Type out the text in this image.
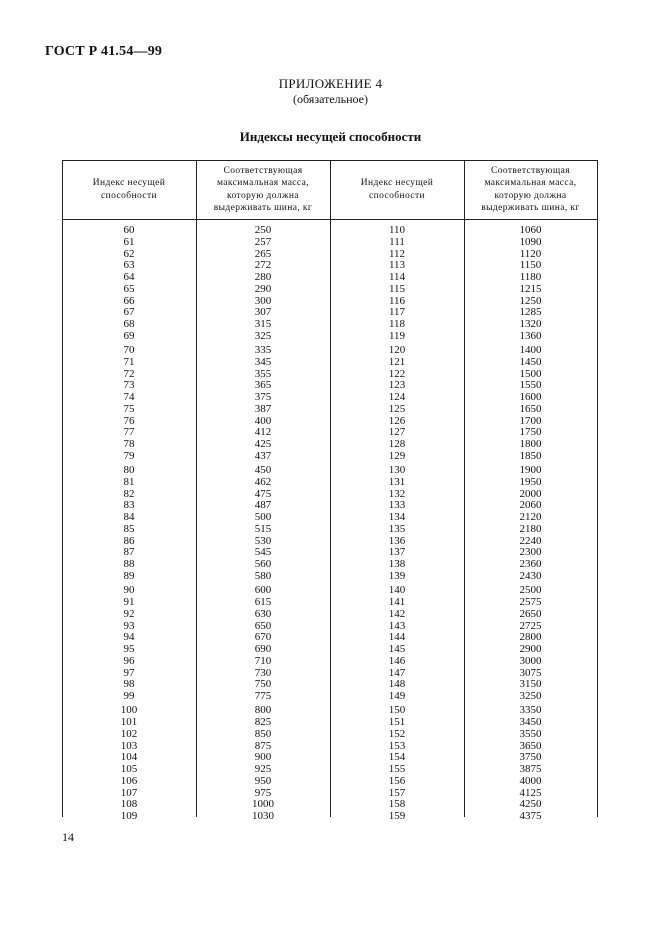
ГОСТ Р 41.54—99
ПРИЛОЖЕНИЕ 4
(обязательное)
Индексы несущей способности
Индекс несущей способности
Соответствующая
максимальная масса,
которую должна
выдерживать шина, кг
Индекс несущей способности
Соответствующая
максимальная масса,
которую должна
выдерживать шина, кг
60
61
62
63
64
65
66
67
68
69
70
71
72
73
74
75
76
77
78
79
80
81
82
83
84
85
86
87
88
89
90
91
92
93
94
95
96
97
98
99
100
101
102
103
104
105
106
107
108
109
250
257
265
272
280
290
300
307
315
325
335
345
355
365
375
387
400
412
425
437
450
462
475
487
500
515
530
545
560
580
600
615
630
650
670
690
710
730
750
775
800
825
850
875
900
925
950
975
1000
1030
110
111
112
113
114
115
116
117
118
119
120
121
122
123
124
125
126
127
128
129
130
131
132
133
134
135
136
137
138
139
140
141
142
143
144
145
146
147
148
149
150
151
152
153
154
155
156
157
158
159
1060
1090
1120
1150
1180
1215
1250
1285
1320
1360
1400
1450
1500
1550
1600
1650
1700
1750
1800
1850
1900
1950
2000
2060
2120
2180
2240
2300
2360
2430
2500
2575
2650
2725
2800
2900
3000
3075
3150
3250
3350
3450
3550
3650
3750
3875
4000
4125
4250
4375
14
